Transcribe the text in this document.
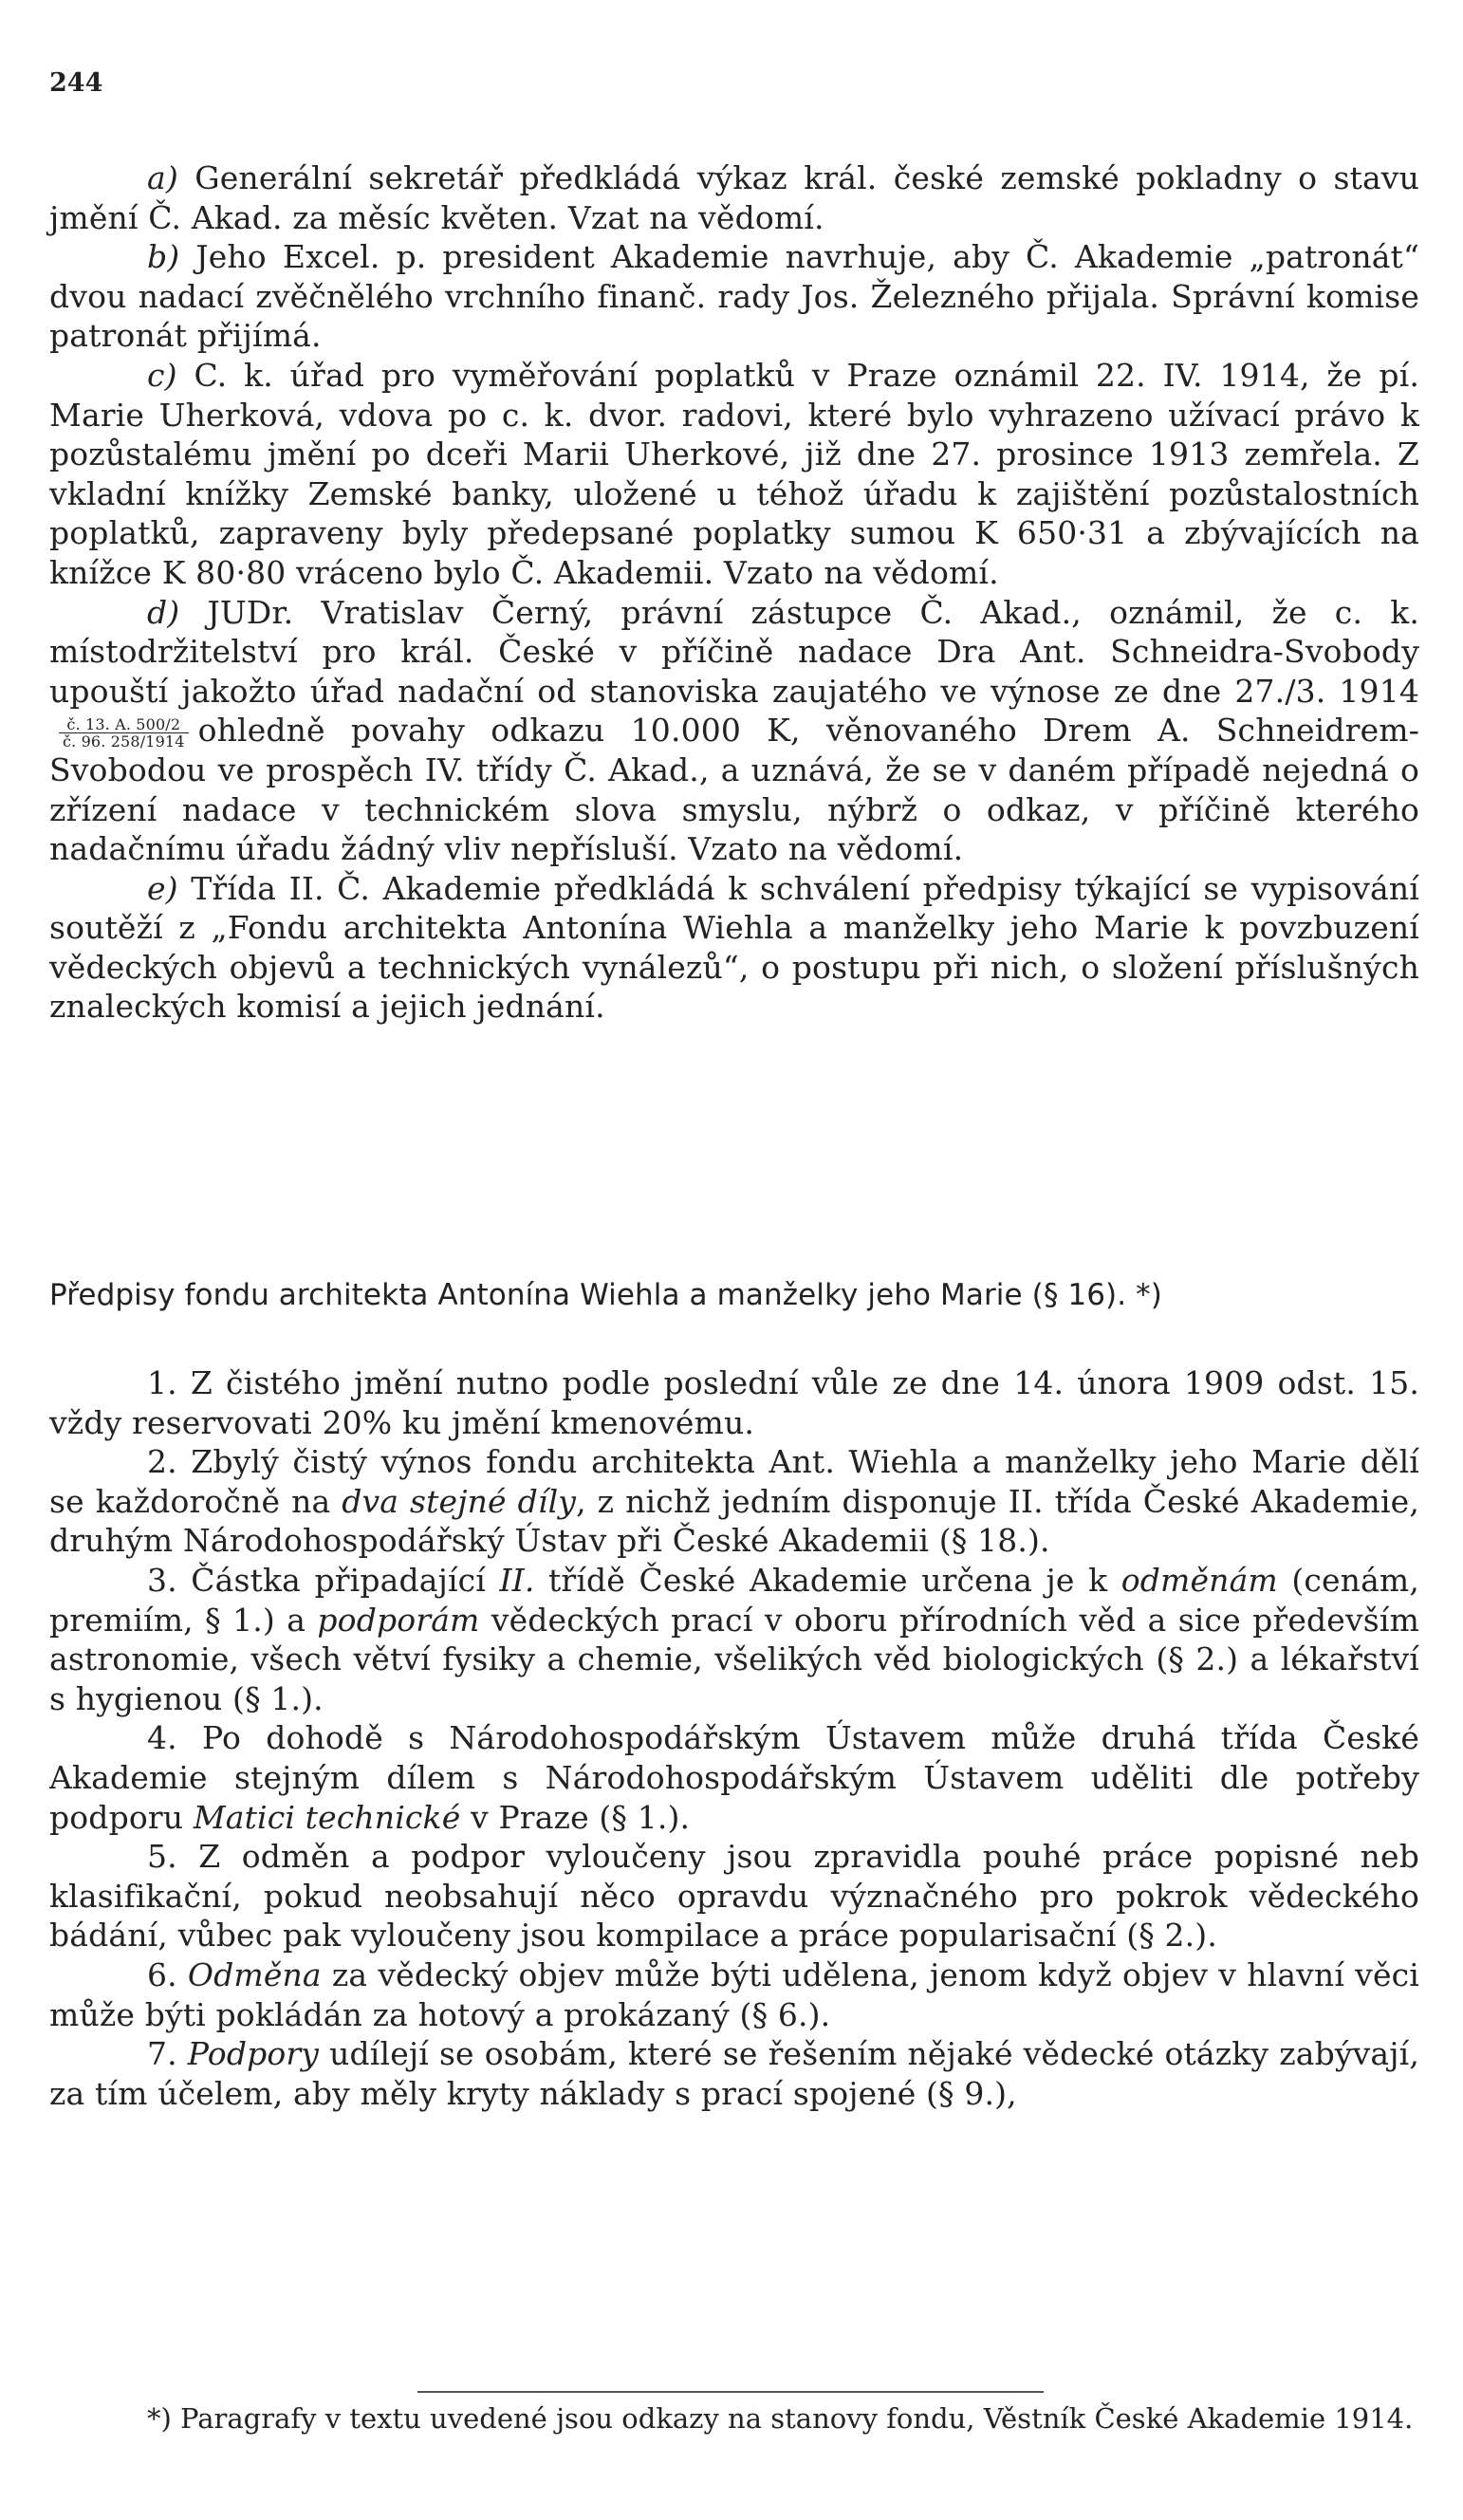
244

a) Generální sekretář předkládá výkaz král. české zemské pokladny o stavu jmění Č. Akad. za měsíc květen. Vzat na vědomí.

b) Jeho Excel. p. president Akademie navrhuje, aby Č. Akademie „patronát“ dvou nadací zvěčnělého vrchního finanč. rady Jos. Železného přijala. Správní komise patronát přijímá.

c) C. k. úřad pro vyměřování poplatků v Praze oznámil 22. IV. 1914, že pí. Marie Uherková, vdova po c. k. dvor. radovi, které bylo vyhrazeno užívací právo k pozůstalému jmění po dceři Marii Uherkové, již dne 27. prosince 1913 zemřela. Z vkladní knížky Zemské banky, uložené u téhož úřadu k zajištění pozůstalostních poplatků, zapraveny byly předepsané poplatky sumou K 650·31 a zbývajících na knížce K 80·80 vráceno bylo Č. Akademii. Vzato na vědomí.

d) JUDr. Vratislav Černý, právní zástupce Č. Akad., oznámil, že c. k. místodržitelství pro král. České v příčině nadace Dra Ant. Schneidra-Svobody upouští jakožto úřad nadační od stanoviska zaujatého ve výnose ze dne 27./3. 1914
$\frac{č. 13. A. 500/2}{č. 96. 258/1914}$ ohledně povahy odkazu 10.000 K, věnovaného Drem A. Schneidrem-Svobodou ve prospěch IV. třídy Č. Akad., a uznává, že se v daném případě nejedná o zřízení nadace v technickém slova smyslu, nýbrž o odkaz, v příčině kterého nadačnímu úřadu žádný vliv nepřísluší. Vzato na vědomí.

e) Třída II. Č. Akademie předkládá k schválení předpisy týkající se vypisování soutěží z „Fondu architekta Antonína Wiehla a manželky jeho Marie k povzbuzení vědeckých objevů a technických vynálezů“, o postupu při nich, o složení příslušných znaleckých komisí a jejich jednání.

Předpisy fondu architekta Antonína Wiehla a manželky jeho Marie (§ 16). *)

1. Z čistého jmění nutno podle poslední vůle ze dne 14. února 1909 odst. 15. vždy reservovati 20% ku jmění kmenovému.

2. Zbylý čistý výnos fondu architekta Ant. Wiehla a manželky jeho Marie dělí se každoročně na dva stejné díly, z nichž jedním disponuje II. třída České Akademie, druhým Národohospodářský Ústav při České Akademii (§ 18.).

3. Částka připadající II. třídě České Akademie určena je k odměnám (cenám, premiím, § 1.) a podporám vědeckých prací v oboru přírodních věd a sice především astronomie, všech větví fysiky a chemie, všelikých věd biologických (§ 2.) a lékařství s hygienou (§ 1.).

4. Po dohodě s Národohospodářským Ústavem může druhá třída České Akademie stejným dílem s Národohospodářským Ústavem uděliti dle potřeby podporu Matici technické v Praze (§ 1.).

5. Z odměn a podpor vyloučeny jsou zpravidla pouhé práce popisné neb klasifikační, pokud neobsahují něco opravdu význačného pro pokrok vědeckého bádání, vůbec pak vyloučeny jsou kompilace a práce popularisační (§ 2.).

6. Odměna za vědecký objev může býti udělena, jenom když objev v hlavní věci může býti pokládán za hotový a prokázaný (§ 6.).

7. Podpory udílejí se osobám, které se řešením nějaké vědecké otázky zabývají, za tím účelem, aby měly kryty náklady s prací spojené (§ 9.),

*) Paragrafy v textu uvedené jsou odkazy na stanovy fondu, Věstník České Akademie 1914.
